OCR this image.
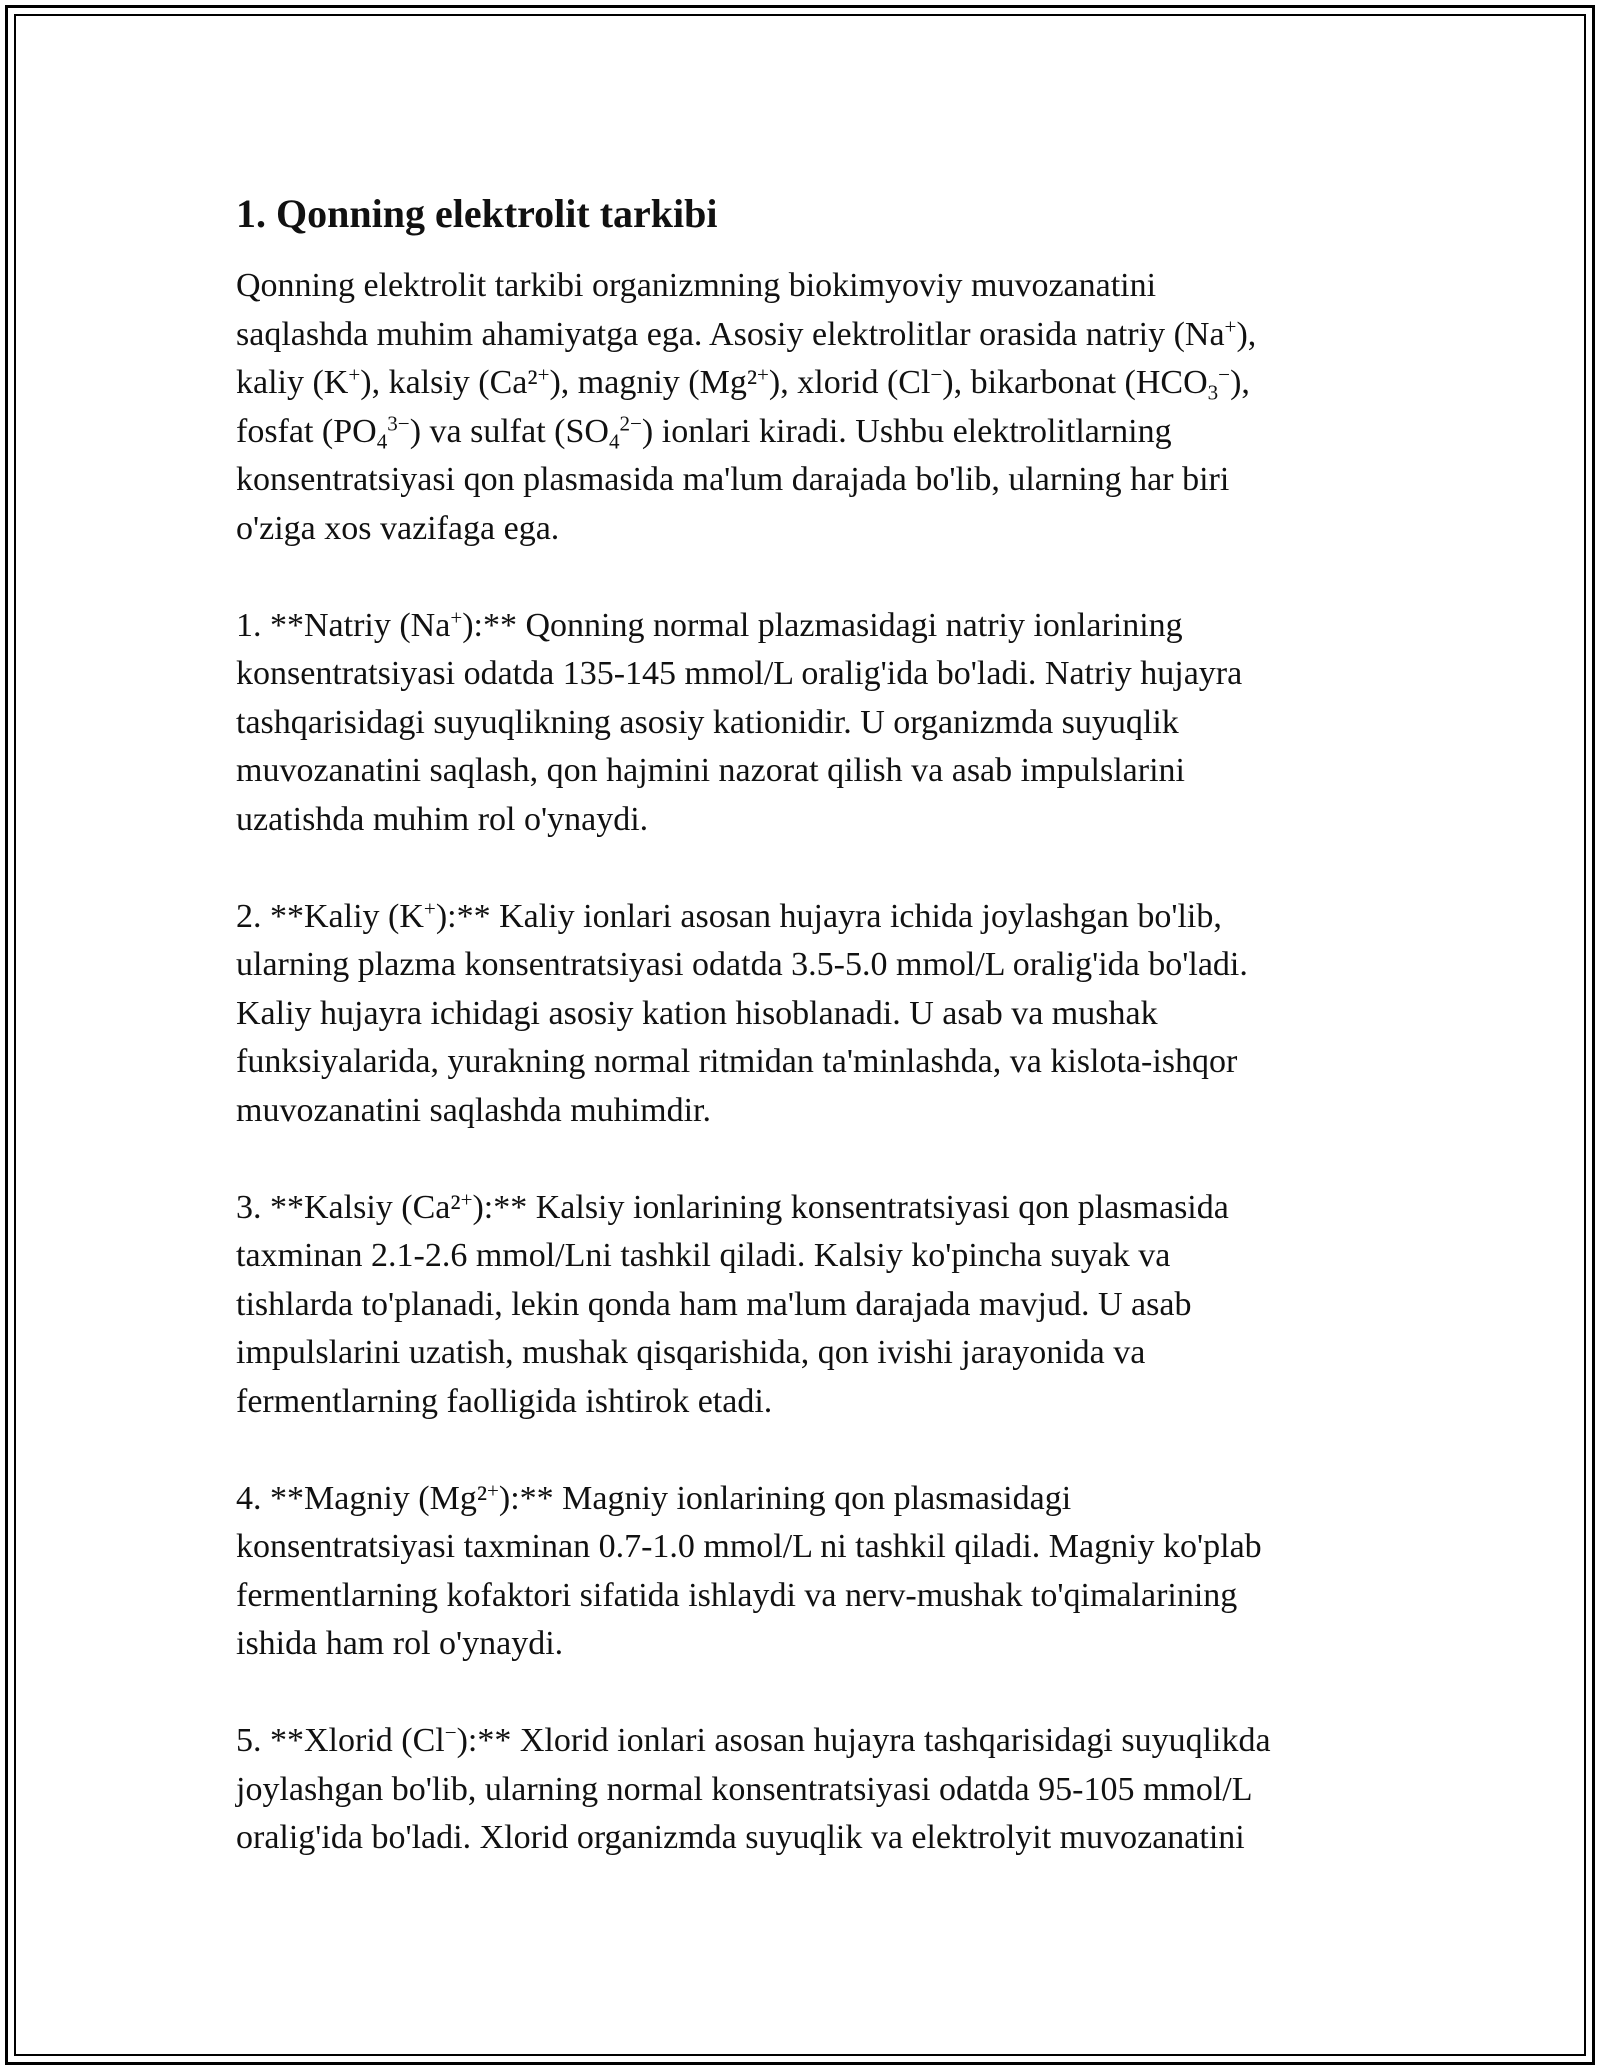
1. Qonning elektrolit tarkibi

Qonning elektrolit tarkibi organizmning biokimyoviy muvozanatini
saqlashda muhim ahamiyatga ega. Asosiy elektrolitlar orasida natriy (Na+),
kaliy (K+), kalsiy (Ca²+), magniy (Mg²+), xlorid (Cl−), bikarbonat $(HCO_3^-)$,
fosfat $(PO_4^{3-})$ va sulfat $(SO_4^{2-})$ ionlari kiradi. Ushbu elektrolitlarning
konsentratsiyasi qon plasmasida ma'lum darajada bo'lib, ularning har biri
o'ziga xos vazifaga ega.

1. **Natriy (Na+):** Qonning normal plazmasidagi natriy ionlarining
konsentratsiyasi odatda 135-145 mmol/L oralig'ida bo'ladi. Natriy hujayra
tashqarisidagi suyuqlikning asosiy kationidir. U organizmda suyuqlik
muvozanatini saqlash, qon hajmini nazorat qilish va asab impulslarini
uzatishda muhim rol o'ynaydi.

2. **Kaliy (K+):** Kaliy ionlari asosan hujayra ichida joylashgan bo'lib,
ularning plazma konsentratsiyasi odatda 3.5-5.0 mmol/L oralig'ida bo'ladi.
Kaliy hujayra ichidagi asosiy kation hisoblanadi. U asab va mushak
funksiyalarida, yurakning normal ritmidan ta'minlashda, va kislota-ishqor
muvozanatini saqlashda muhimdir.

3. **Kalsiy (Ca²+):** Kalsiy ionlarining konsentratsiyasi qon plasmasida
taxminan 2.1-2.6 mmol/Lni tashkil qiladi. Kalsiy ko'pincha suyak va
tishlarda to'planadi, lekin qonda ham ma'lum darajada mavjud. U asab
impulslarini uzatish, mushak qisqarishida, qon ivishi jarayonida va
fermentlarning faolligida ishtirok etadi.

4. **Magniy (Mg²+):** Magniy ionlarining qon plasmasidagi
konsentratsiyasi taxminan 0.7-1.0 mmol/L ni tashkil qiladi. Magniy ko'plab
fermentlarning kofaktori sifatida ishlaydi va nerv-mushak to'qimalarining
ishida ham rol o'ynaydi.

5. **Xlorid (Cl−):** Xlorid ionlari asosan hujayra tashqarisidagi suyuqlikda
joylashgan bo'lib, ularning normal konsentratsiyasi odatda 95-105 mmol/L
oralig'ida bo'ladi. Xlorid organizmda suyuqlik va elektrolyit muvozanatini
